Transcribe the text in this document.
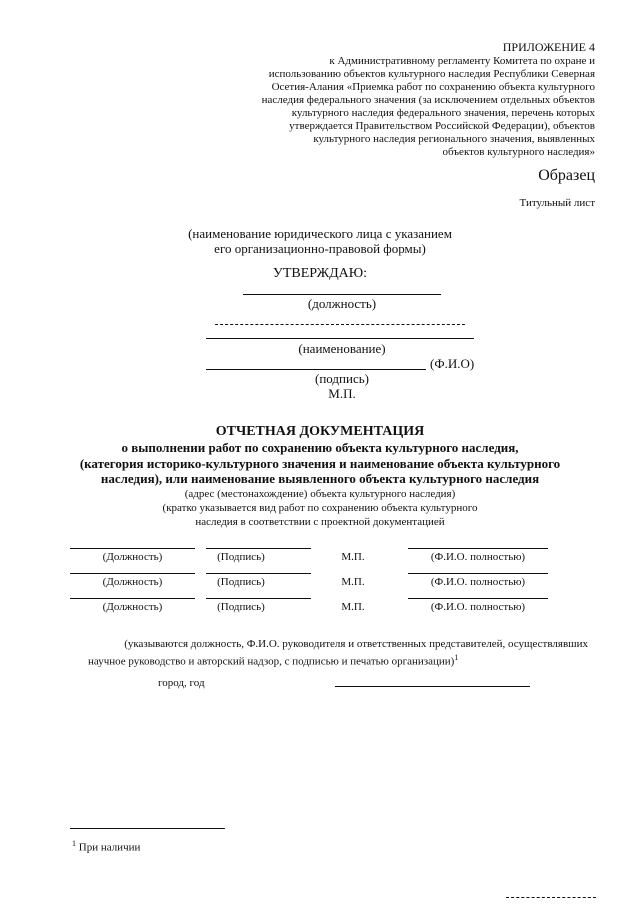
ПРИЛОЖЕНИЕ 4
к Административному регламенту Комитета по охране и
использованию объектов культурного наследия Республики Северная
Осетия-Алания «Приемка работ по сохранению объекта культурного
наследия федерального значения (за исключением отдельных объектов
культурного наследия федерального значения, перечень которых
утверждается Правительством Российской Федерации), объектов
культурного наследия регионального значения, выявленных
объектов культурного наследия»
Образец
Титульный лист
(наименование юридического лица с указанием
его организационно-правовой формы)
УТВЕРЖДАЮ:
(должность)
(наименование)
(Ф.И.О)
(подпись)
М.П.
ОТЧЕТНАЯ ДОКУМЕНТАЦИЯ
о выполнении работ по сохранению объекта культурного наследия,
(категория историко-культурного значения и наименование объекта культурного
наследия), или наименование выявленного объекта культурного наследия
(адрес (местонахождение) объекта культурного наследия)
(кратко указывается вид работ по сохранению объекта культурного
наследия в соответствии с проектной документацией
(Должность)	(Подпись)	М.П.	(Ф.И.О. полностью)
(Должность)	(Подпись)	М.П.	(Ф.И.О. полностью)
(Должность)	(Подпись)	М.П.	(Ф.И.О. полностью)
(указываются должность, Ф.И.О. руководителя и ответственных представителей, осуществлявших
научное руководство и авторский надзор, с подписью и печатью организации)$^1$
город, год
$^1$ При наличии
